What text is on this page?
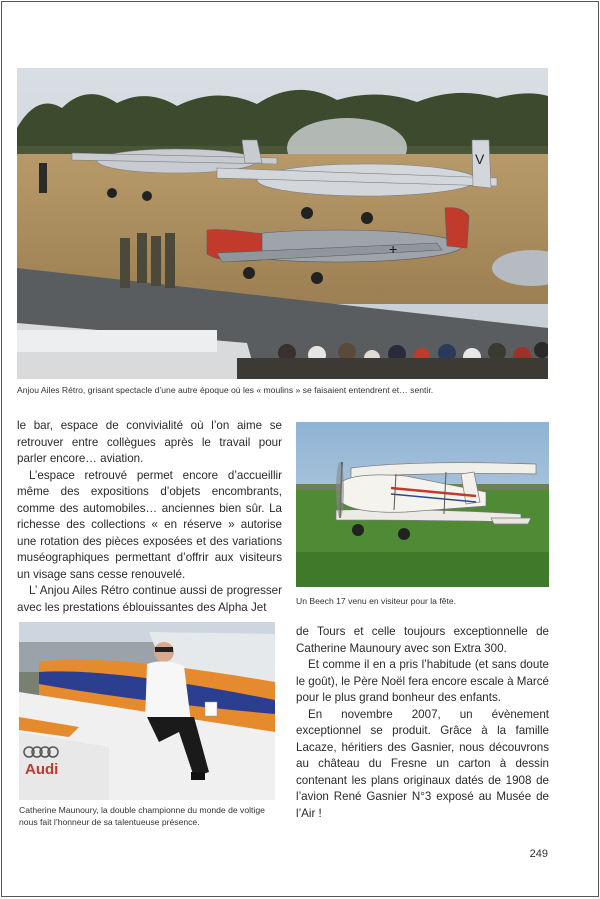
V
+
Anjou Ailes Rétro, grisant spectacle d’une autre époque où les « moulins » se faisaient entendrent et… sentir.

le bar, espace de convivialité où l’on aime se retrouver entre collègues après le travail pour parler encore… aviation.

L’espace retrouvé permet encore d’accueillir même des expositions d’objets encombrants, comme des automobiles… anciennes bien sûr. La richesse des collections « en réserve » autorise une rotation des pièces exposées et des variations muséographiques permettant d’offrir aux visiteurs un visage sans cesse renouvelé.

L’ Anjou Ailes Rétro continue aussi de progresser avec les prestations éblouissantes des Alpha Jet	Un Beech 17 venu en visiteur pour la fête.
Audi
Catherine Maunoury, la double championne du monde de voltige
nous fait l’honneur de sa talentueuse présence.

de Tours et celle toujours exceptionnelle de Catherine Maunoury avec son Extra 300.

Et comme il en a pris l’habitude (et sans doute le goût), le Père Noël fera encore escale à Marcé pour le plus grand bonheur des enfants.

En novembre 2007, un évènement exceptionnel se produit. Grâce à la famille Lacaze, héritiers des Gasnier, nous découvrons au château du Fresne un carton à dessin contenant les plans originaux datés de 1908 de l’avion René Gasnier N°3 exposé au Musée de l’Air !

249
